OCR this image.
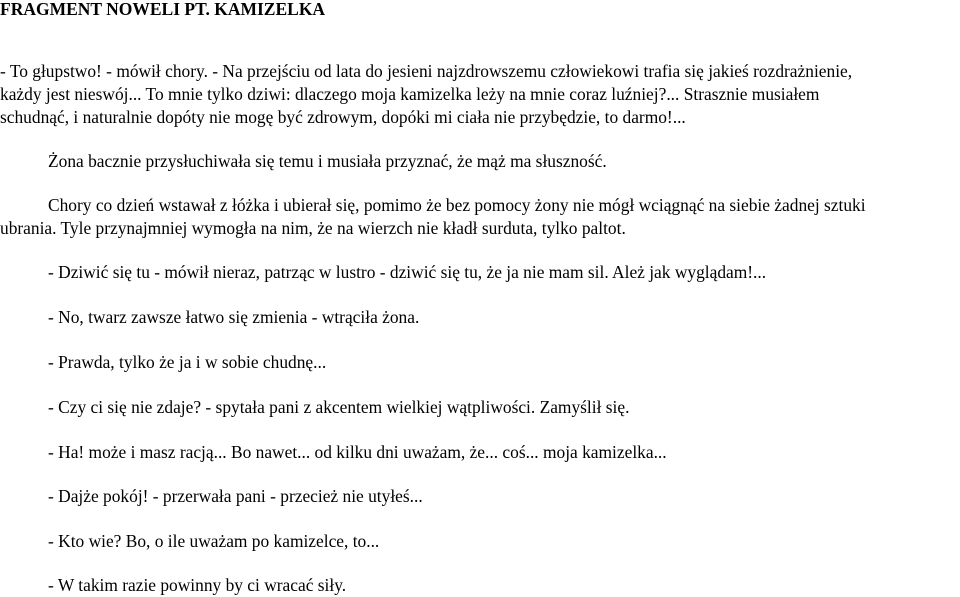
FRAGMENT NOWELI PT. KAMIZELKA
- To głupstwo! - mówił chory. - Na przejściu od lata do jesieni najzdrowszemu człowiekowi trafia się jakieś rozdrażnienie,
każdy jest nieswój... To mnie tylko dziwi: dlaczego moja kamizelka leży na mnie coraz luźniej?... Strasznie musiałem
schudnąć, i naturalnie dopóty nie mogę być zdrowym, dopóki mi ciała nie przybędzie, to darmo!...
Żona bacznie przysłuchiwała się temu i musiała przyznać, że mąż ma słuszność.
Chory co dzień wstawał z łóżka i ubierał się, pomimo że bez pomocy żony nie mógł wciągnąć na siebie żadnej sztuki
ubrania. Tyle przynajmniej wymogła na nim, że na wierzch nie kładł surduta, tylko paltot.
- Dziwić się tu - mówił nieraz, patrząc w lustro - dziwić się tu, że ja nie mam sil. Ależ jak wyglądam!...
- No, twarz zawsze łatwo się zmienia - wtrąciła żona.
- Prawda, tylko że ja i w sobie chudnę...
- Czy ci się nie zdaje? - spytała pani z akcentem wielkiej wątpliwości. Zamyślił się.
- Ha! może i masz racją... Bo nawet... od kilku dni uważam, że... coś... moja kamizelka...
- Dajże pokój! - przerwała pani - przecież nie utyłeś...
- Kto wie? Bo, o ile uważam po kamizelce, to...
- W takim razie powinny by ci wracać siły.
